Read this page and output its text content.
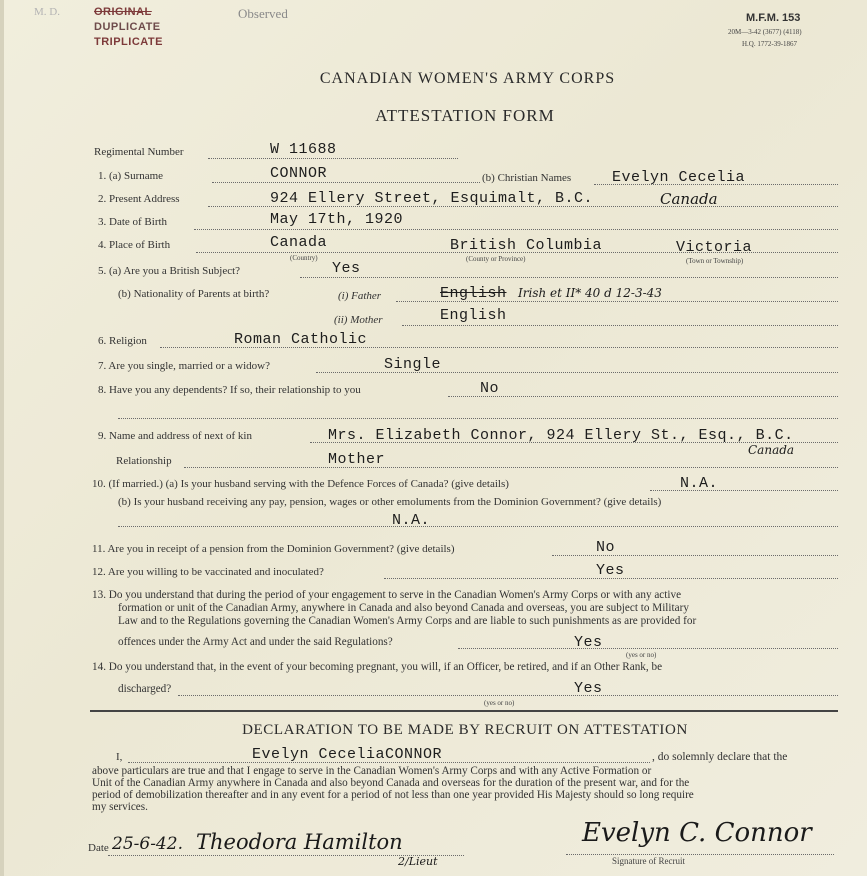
M. D.	ORIGINAL	Observed
DUPLICATE
TRIPLICATE
M.F.M. 153
20M—3-42 (3677) (4118)
H.Q. 1772-39-1867
CANADIAN WOMEN'S ARMY CORPS
ATTESTATION FORM
Regimental Number	W 11688
1. (a) Surname	CONNOR	(b) Christian Names	Evelyn Cecelia
2. Present Address	924 Ellery Street, Esquimalt, B.C.	Canada
3. Date of Birth	May 17th, 1920
4. Place of Birth	Canada	British Columbia	Victoria
(Country)	(County or Province)	(Town or Township)
5. (a) Are you a British Subject?	Yes
(b) Nationality of Parents at birth?	(i) Father	English Irish et II* 40 d 12-3-43
(ii) Mother	English
6. Religion	Roman Catholic
7. Are you single, married or a widow?	Single
8. Have you any dependents? If so, their relationship to you	No
9. Name and address of next of kin	Mrs. Elizabeth Connor, 924 Ellery St., Esq., B.C.
Canada
Relationship	Mother
10. (If married.) (a) Is your husband serving with the Defence Forces of Canada? (give details)	N.A.
(b) Is your husband receiving any pay, pension, wages or other emoluments from the Dominion Government? (give details)
N.A.
11. Are you in receipt of a pension from the Dominion Government? (give details)	No
12. Are you willing to be vaccinated and inoculated?	Yes
13. Do you understand that during the period of your engagement to serve in the Canadian Women's Army Corps or with any active
formation or unit of the Canadian Army, anywhere in Canada and also beyond Canada and overseas, you are subject to Military
Law and to the Regulations governing the Canadian Women's Army Corps and are liable to such punishments as are provided for
offences under the Army Act and under the said Regulations?	Yes
(yes or no)
14. Do you understand that, in the event of your becoming pregnant, you will, if an Officer, be retired, and if an Other Rank, be
discharged?	Yes
(yes or no)
DECLARATION TO BE MADE BY RECRUIT ON ATTESTATION
I,	Evelyn CeceliaCONNOR	, do solemnly declare that the
above particulars are true and that I engage to serve in the Canadian Women's Army Corps and with any Active Formation or
Unit of the Canadian Army anywhere in Canada and also beyond Canada and overseas for the duration of the present war, and for the
period of demobilization thereafter and in any event for a period of not less than one year provided His Majesty should so long require
my services.
Date 25-6-42. Theodora Hamilton
2/Lieut
Evelyn C. Connor
Signature of Recruit
